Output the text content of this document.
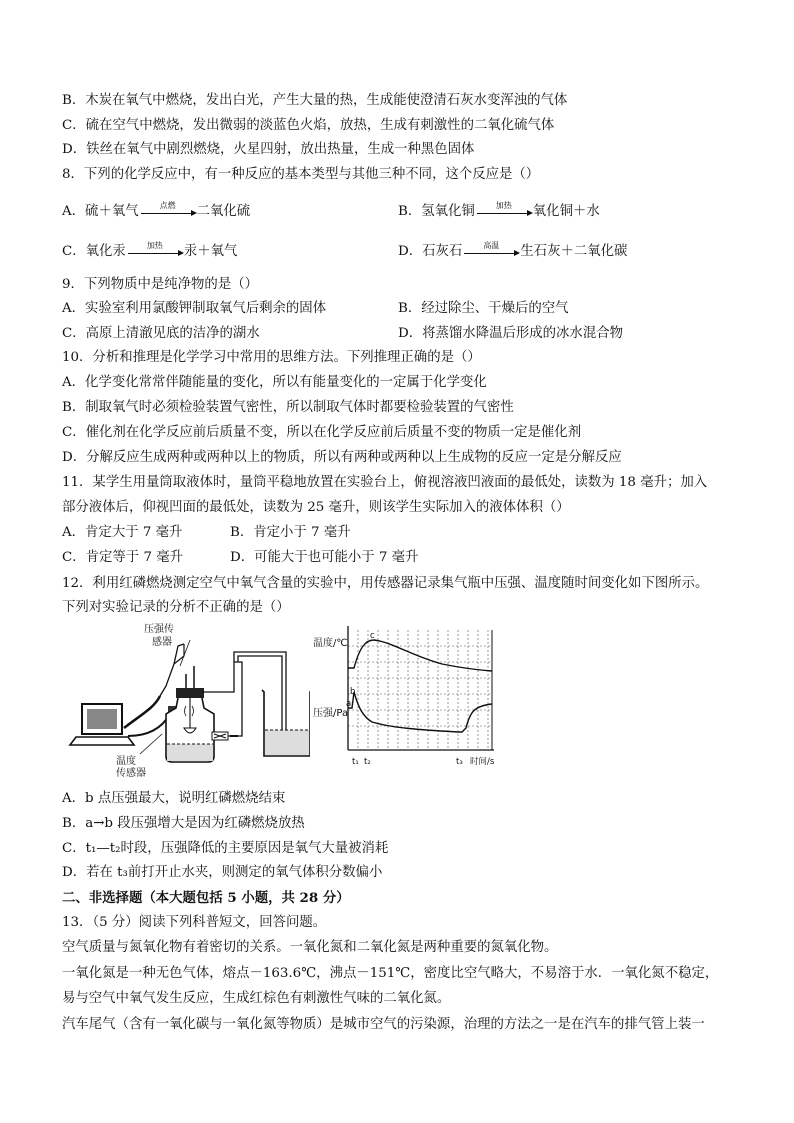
B．木炭在氧气中燃烧，发出白光，产生大量的热，生成能使澄清石灰水变浑浊的气体
C．硫在空气中燃烧，发出微弱的淡蓝色火焰，放热，生成有刺激性的二氧化硫气体
D．铁丝在氧气中剧烈燃烧，火星四射，放出热量，生成一种黑色固体
8．下列的化学反应中，有一种反应的基本类型与其他三种不同，这个反应是（）
A．硫＋氧气	点燃	二氧化硫	B．氢氧化铜	加热	氧化铜＋水
C．氧化汞	加热	汞＋氧气	D．石灰石	高温	生石灰＋二氧化碳
9．下列物质中是纯净物的是（）
A．实验室利用氯酸钾制取氧气后剩余的固体	B．经过除尘、干燥后的空气
C．高原上清澈见底的洁净的湖水	D．将蒸馏水降温后形成的冰水混合物
10．分析和推理是化学学习中常用的思维方法。下列推理正确的是（）
A．化学变化常常伴随能量的变化，所以有能量变化的一定属于化学变化
B．制取氧气时必须检验装置气密性，所以制取气体时都要检验装置的气密性
C．催化剂在化学反应前后质量不变，所以在化学反应前后质量不变的物质一定是催化剂
D．分解反应生成两种或两种以上的物质，所以有两种或两种以上生成物的反应一定是分解反应
11．某学生用量筒取液体时，量筒平稳地放置在实验台上，俯视溶液凹液面的最低处，读数为 18 毫升；加入
部分液体后，仰视凹面的最低处，读数为 25 毫升，则该学生实际加入的液体体积（）
A．肯定大于 7 毫升	B．肯定小于 7 毫升
C．肯定等于 7 毫升	D．可能大于也可能小于 7 毫升
12．利用红磷燃烧测定空气中氧气含量的实验中，用传感器记录集气瓶中压强、温度随时间变化如下图所示。
下列对实验记录的分析不正确的是（）
压强传
感器
温度
传感器
温度/℃
压强/Pa
a
b
c
t₁ t₂	t₃ 时间/s
A．b 点压强最大，说明红磷燃烧结束
B．a→b 段压强增大是因为红磷燃烧放热
C．t₁—t₂时段，压强降低的主要原因是氧气大量被消耗
D．若在 t₃前打开止水夹，则测定的氧气体积分数偏小
二、非选择题（本大题包括 5 小题，共 28 分）
13．（5 分）阅读下列科普短文，回答问题。
空气质量与氮氧化物有着密切的关系。一氧化氮和二氧化氮是两种重要的氮氧化物。
一氧化氮是一种无色气体，熔点－163.6℃，沸点－151℃，密度比空气略大，不易溶于水．一氧化氮不稳定，
易与空气中氧气发生反应，生成红棕色有刺激性气味的二氧化氮。
汽车尾气（含有一氧化碳与一氧化氮等物质）是城市空气的污染源，治理的方法之一是在汽车的排气管上装一
